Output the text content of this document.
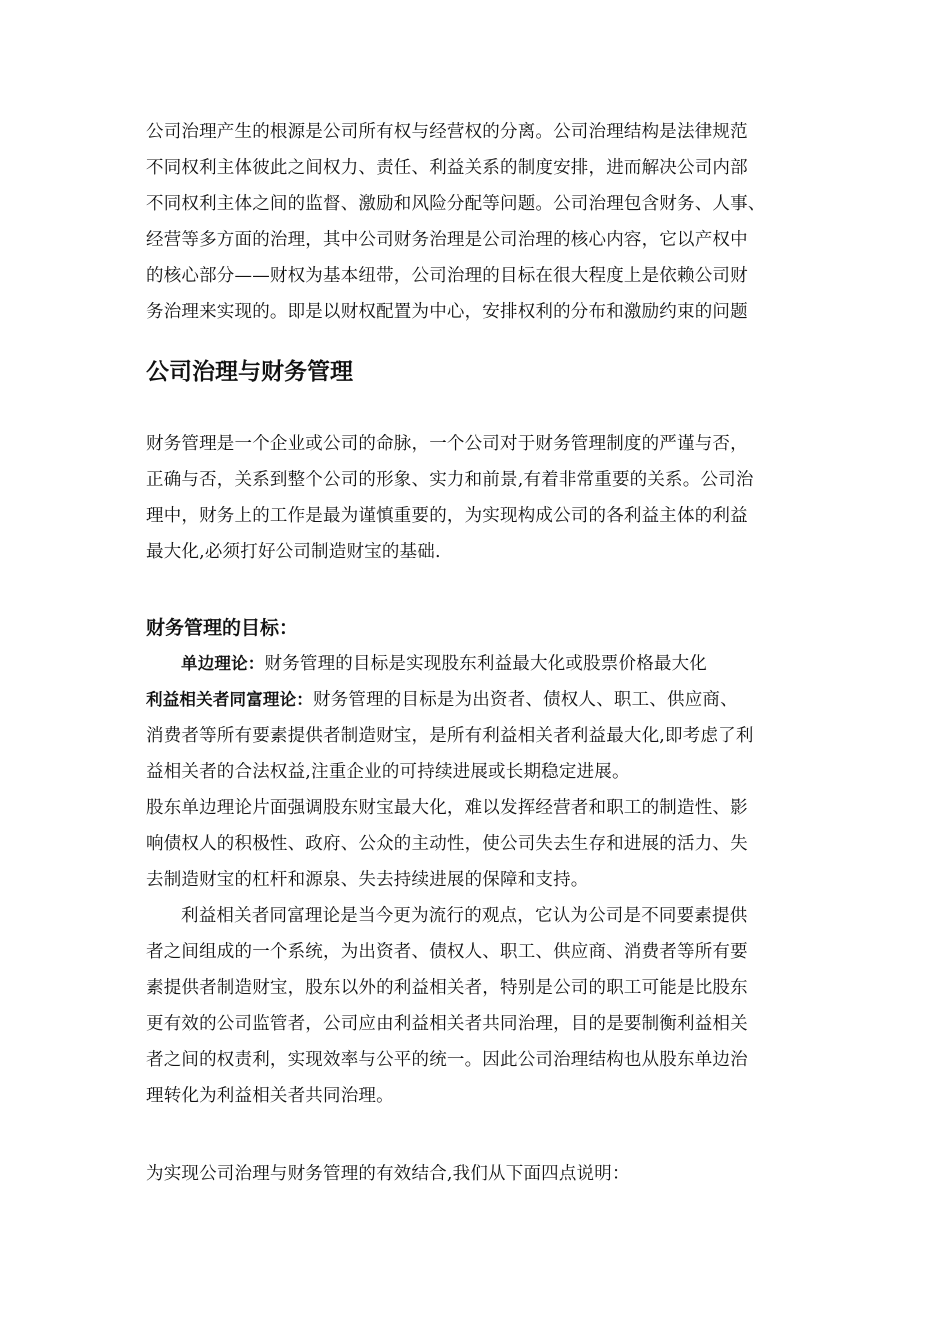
公司治理产生的根源是公司所有权与经营权的分离。公司治理结构是法律规范
不同权利主体彼此之间权力、责任、利益关系的制度安排，进而解决公司内部
不同权利主体之间的监督、激励和风险分配等问题。公司治理包含财务、人事、
经营等多方面的治理，其中公司财务治理是公司治理的核心内容，它以产权中
的核心部分——财权为基本纽带，公司治理的目标在很大程度上是依赖公司财
务治理来实现的。即是以财权配置为中心，安排权利的分布和激励约束的问题
公司治理与财务管理
财务管理是一个企业或公司的命脉，一个公司对于财务管理制度的严谨与否，
正确与否，关系到整个公司的形象、实力和前景,有着非常重要的关系。公司治
理中，财务上的工作是最为谨慎重要的，为实现构成公司的各利益主体的利益
最大化,必须打好公司制造财宝的基础.
财务管理的目标：
单边理论：财务管理的目标是实现股东利益最大化或股票价格最大化
利益相关者同富理论：财务管理的目标是为出资者、债权人、职工、供应商、
消费者等所有要素提供者制造财宝，是所有利益相关者利益最大化,即考虑了利
益相关者的合法权益,注重企业的可持续进展或长期稳定进展。
股东单边理论片面强调股东财宝最大化，难以发挥经营者和职工的制造性、影
响债权人的积极性、政府、公众的主动性，使公司失去生存和进展的活力、失
去制造财宝的杠杆和源泉、失去持续进展的保障和支持。
利益相关者同富理论是当今更为流行的观点，它认为公司是不同要素提供
者之间组成的一个系统，为出资者、债权人、职工、供应商、消费者等所有要
素提供者制造财宝，股东以外的利益相关者，特别是公司的职工可能是比股东
更有效的公司监管者，公司应由利益相关者共同治理，目的是要制衡利益相关
者之间的权责利，实现效率与公平的统一。因此公司治理结构也从股东单边治
理转化为利益相关者共同治理。
为实现公司治理与财务管理的有效结合,我们从下面四点说明：
